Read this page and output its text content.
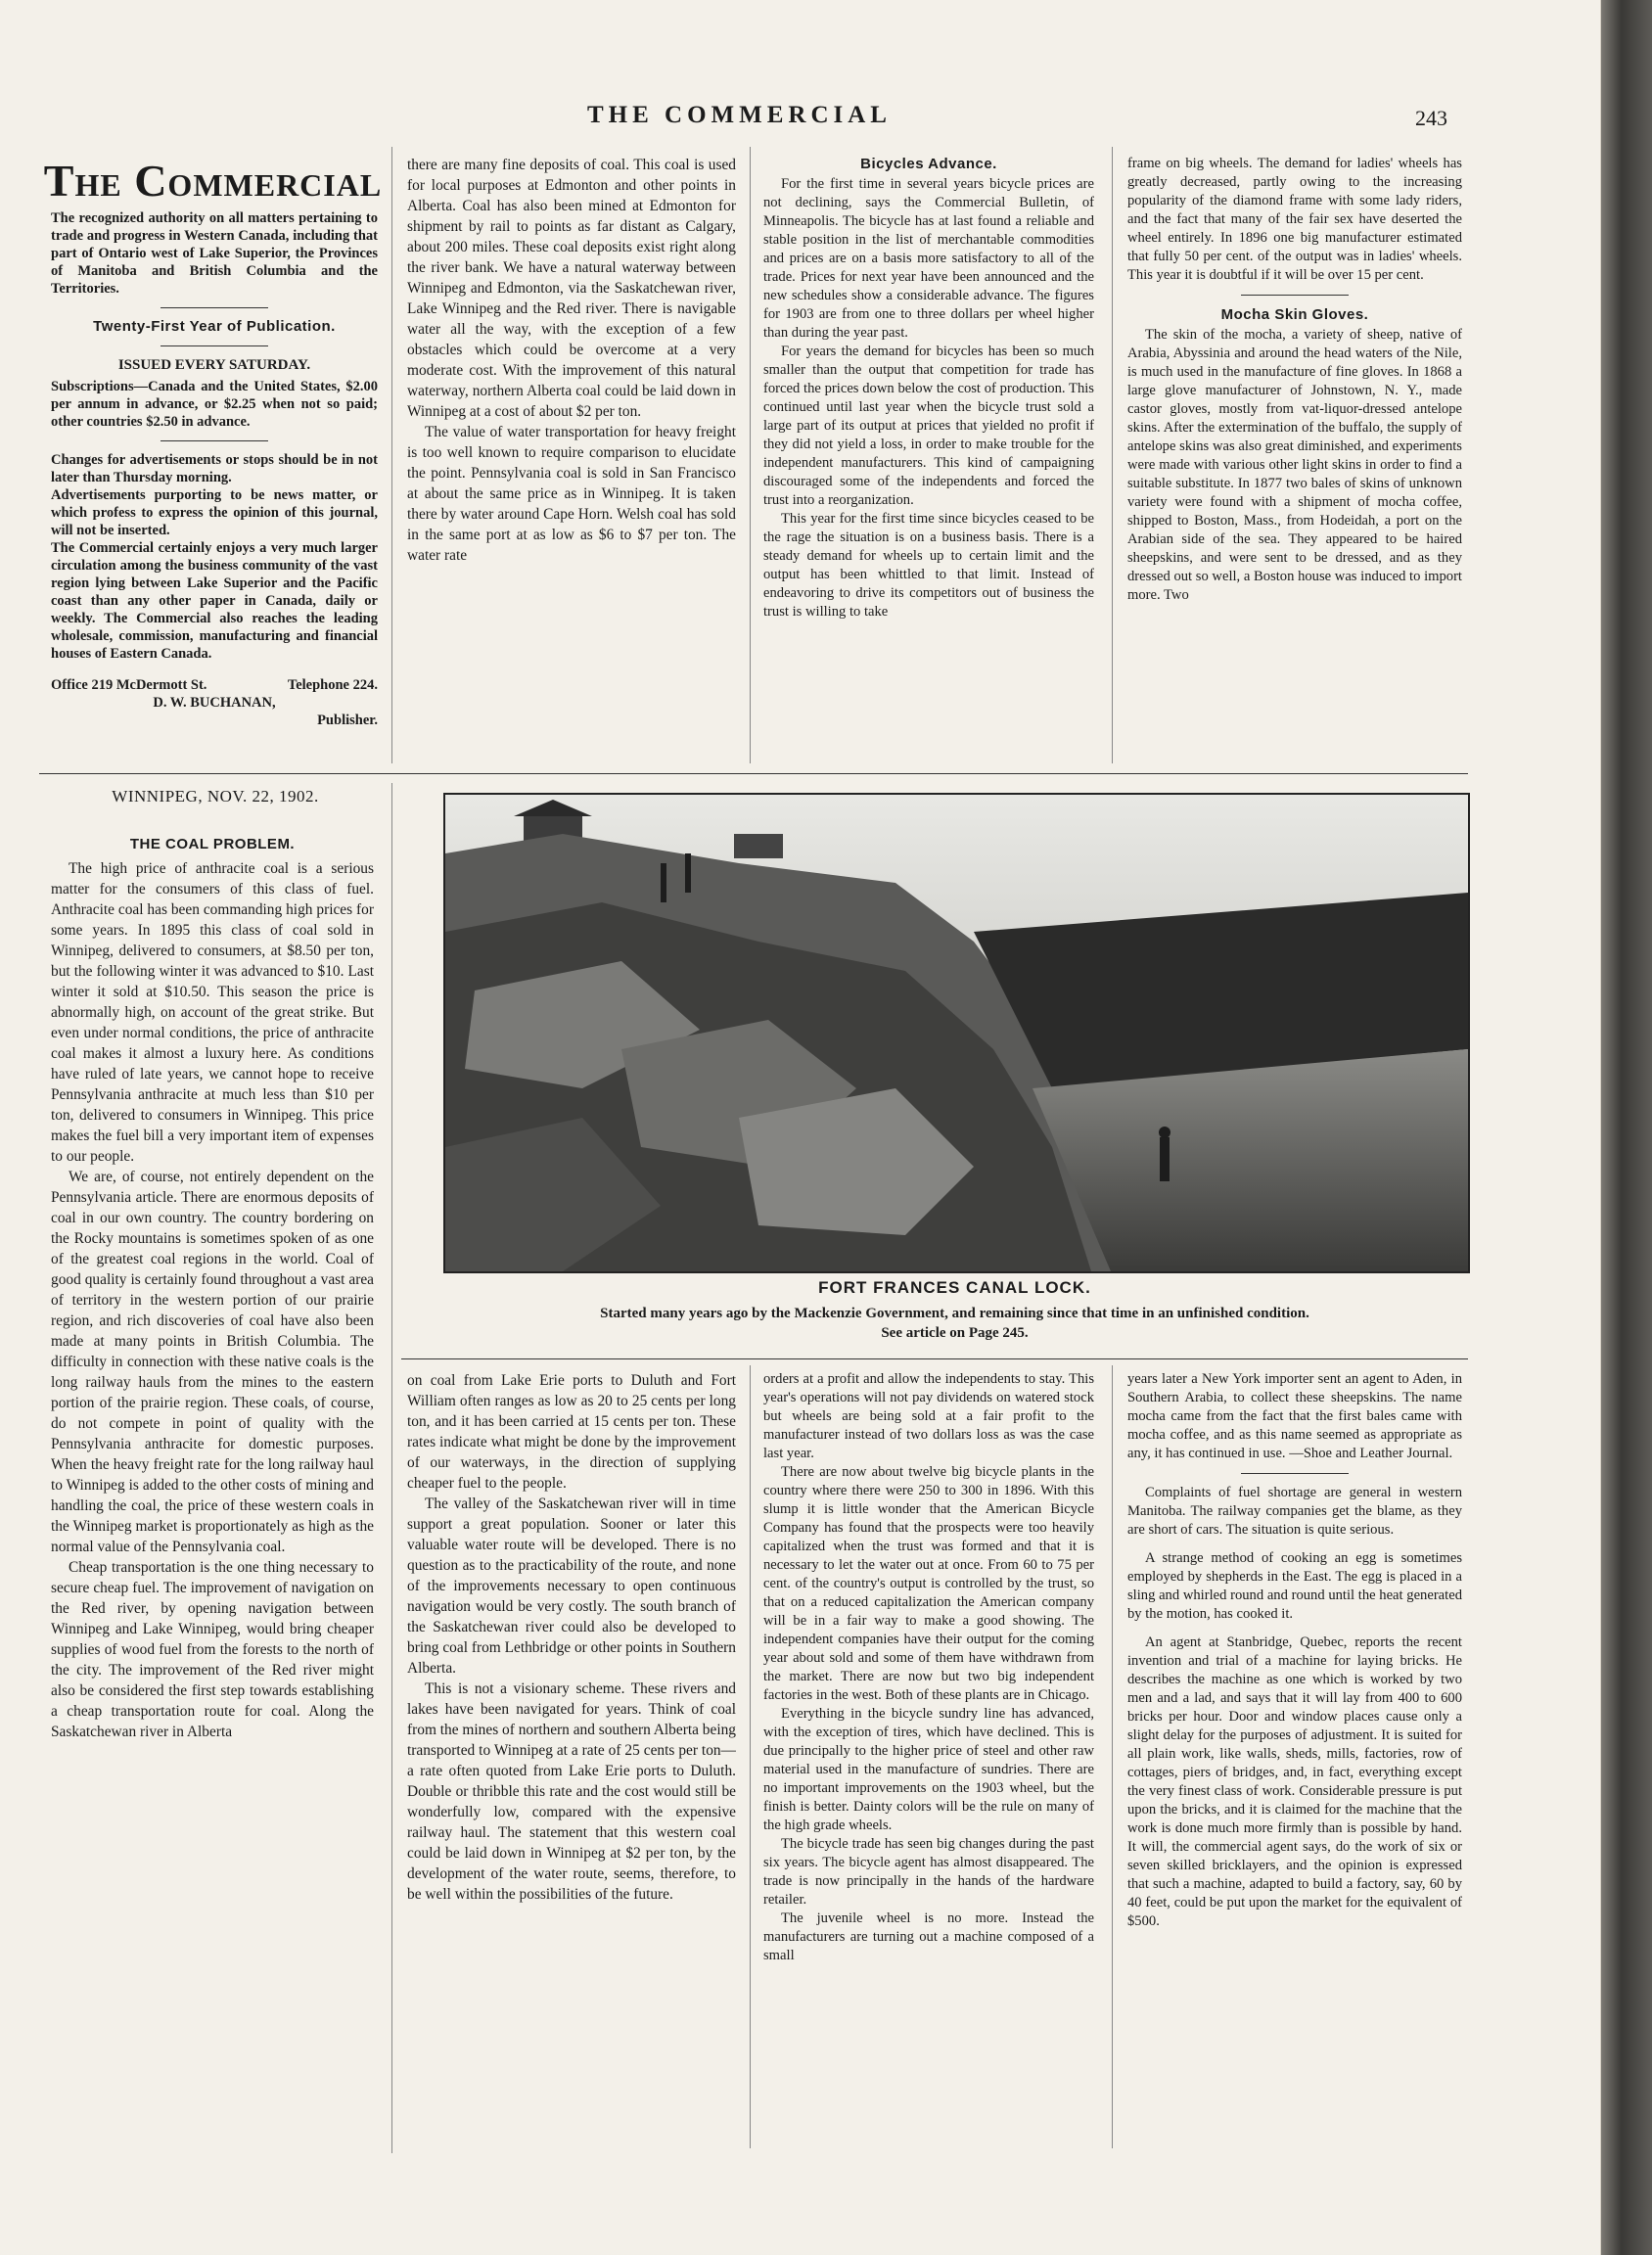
THE COMMERCIAL	243
The Commercial

The recognized authority on all matters pertaining to trade and progress in Western Canada, including that part of Ontario west of Lake Superior, the Provinces of Manitoba and British Columbia and the Territories.

Twenty-First Year of Publication.
ISSUED EVERY SATURDAY.

Subscriptions—Canada and the United States, $2.00 per annum in advance, or $2.25 when not so paid; other countries $2.50 in advance.

Changes for advertisements or stops should be in not later than Thursday morning.

Advertisements purporting to be news matter, or which profess to express the opinion of this journal, will not be inserted.

The Commercial certainly enjoys a very much larger circulation among the business community of the vast region lying between Lake Superior and the Pacific coast than any other paper in Canada, daily or weekly. The Commercial also reaches the leading wholesale, commission, manufacturing and financial houses of Eastern Canada.

Office 219 McDermott St.	Telephone 224.
D. W. BUCHANAN,
Publisher.
WINNIPEG, NOV. 22, 1902.
THE COAL PROBLEM.

The high price of anthracite coal is a serious matter for the consumers of this class of fuel. Anthracite coal has been commanding high prices for some years. In 1895 this class of coal sold in Winnipeg, delivered to consumers, at $8.50 per ton, but the following winter it was advanced to $10. Last winter it sold at $10.50. This season the price is abnormally high, on account of the great strike. But even under normal conditions, the price of anthracite coal makes it almost a luxury here. As conditions have ruled of late years, we cannot hope to receive Pennsylvania anthracite at much less than $10 per ton, delivered to consumers in Winnipeg. This price makes the fuel bill a very important item of expenses to our people.

We are, of course, not entirely dependent on the Pennsylvania article. There are enormous deposits of coal in our own country. The country bordering on the Rocky mountains is sometimes spoken of as one of the greatest coal regions in the world. Coal of good quality is certainly found throughout a vast area of territory in the western portion of our prairie region, and rich discoveries of coal have also been made at many points in British Columbia. The difficulty in connection with these native coals is the long railway hauls from the mines to the eastern portion of the prairie region. These coals, of course, do not compete in point of quality with the Pennsylvania anthracite for domestic purposes. When the heavy freight rate for the long railway haul to Winnipeg is added to the other costs of mining and handling the coal, the price of these western coals in the Winnipeg market is proportionately as high as the normal value of the Pennsylvania coal.

Cheap transportation is the one thing necessary to secure cheap fuel. The improvement of navigation on the Red river, by opening navigation between Winnipeg and Lake Winnipeg, would bring cheaper supplies of wood fuel from the forests to the north of the city. The improvement of the Red river might also be considered the first step towards establishing a cheap transportation route for coal. Along the Saskatchewan river in Alberta

there are many fine deposits of coal. This coal is used for local purposes at Edmonton and other points in Alberta. Coal has also been mined at Edmonton for shipment by rail to points as far distant as Calgary, about 200 miles. These coal deposits exist right along the river bank. We have a natural waterway between Winnipeg and Edmonton, via the Saskatchewan river, Lake Winnipeg and the Red river. There is navigable water all the way, with the exception of a few obstacles which could be overcome at a very moderate cost. With the improvement of this natural waterway, northern Alberta coal could be laid down in Winnipeg at a cost of about $2 per ton.

The value of water transportation for heavy freight is too well known to require comparison to elucidate the point. Pennsylvania coal is sold in San Francisco at about the same price as in Winnipeg. It is taken there by water around Cape Horn. Welsh coal has sold in the same port at as low as $6 to $7 per ton. The water rate

Bicycles Advance.

For the first time in several years bicycle prices are not declining, says the Commercial Bulletin, of Minneapolis. The bicycle has at last found a reliable and stable position in the list of merchantable commodities and prices are on a basis more satisfactory to all of the trade. Prices for next year have been announced and the new schedules show a considerable advance. The figures for 1903 are from one to three dollars per wheel higher than during the year past.

For years the demand for bicycles has been so much smaller than the output that competition for trade has forced the prices down below the cost of production. This continued until last year when the bicycle trust sold a large part of its output at prices that yielded no profit if they did not yield a loss, in order to make trouble for the independent manufacturers. This kind of campaigning discouraged some of the independents and forced the trust into a reorganization.

This year for the first time since bicycles ceased to be the rage the situation is on a business basis. There is a steady demand for wheels up to certain limit and the output has been whittled to that limit. Instead of endeavoring to drive its competitors out of business the trust is willing to take

frame on big wheels. The demand for ladies' wheels has greatly decreased, partly owing to the increasing popularity of the diamond frame with some lady riders, and the fact that many of the fair sex have deserted the wheel entirely. In 1896 one big manufacturer estimated that fully 50 per cent. of the output was in ladies' wheels. This year it is doubtful if it will be over 15 per cent.

Mocha Skin Gloves.

The skin of the mocha, a variety of sheep, native of Arabia, Abyssinia and around the head waters of the Nile, is much used in the manufacture of fine gloves. In 1868 a large glove manufacturer of Johnstown, N. Y., made castor gloves, mostly from vat-liquor-dressed antelope skins. After the extermination of the buffalo, the supply of antelope skins was also great diminished, and experiments were made with various other light skins in order to find a suitable substitute. In 1877 two bales of skins of unknown variety were found with a shipment of mocha coffee, shipped to Boston, Mass., from Hodeidah, a port on the Arabian side of the sea. They appeared to be haired sheepskins, and were sent to be dressed, and as they dressed out so well, a Boston house was induced to import more. Two

FORT FRANCES CANAL LOCK.
Started many years ago by the Mackenzie Government, and remaining since that time in an unfinished condition.
See article on Page 245.

on coal from Lake Erie ports to Duluth and Fort William often ranges as low as 20 to 25 cents per long ton, and it has been carried at 15 cents per ton. These rates indicate what might be done by the improvement of our waterways, in the direction of supplying cheaper fuel to the people.

The valley of the Saskatchewan river will in time support a great population. Sooner or later this valuable water route will be developed. There is no question as to the practicability of the route, and none of the improvements necessary to open continuous navigation would be very costly. The south branch of the Saskatchewan river could also be developed to bring coal from Lethbridge or other points in Southern Alberta.

This is not a visionary scheme. These rivers and lakes have been navigated for years. Think of coal from the mines of northern and southern Alberta being transported to Winnipeg at a rate of 25 cents per ton—a rate often quoted from Lake Erie ports to Duluth. Double or thribble this rate and the cost would still be wonderfully low, compared with the expensive railway haul. The statement that this western coal could be laid down in Winnipeg at $2 per ton, by the development of the water route, seems, therefore, to be well within the possibilities of the future.

orders at a profit and allow the independents to stay. This year's operations will not pay dividends on watered stock but wheels are being sold at a fair profit to the manufacturer instead of two dollars loss as was the case last year.

There are now about twelve big bicycle plants in the country where there were 250 to 300 in 1896. With this slump it is little wonder that the American Bicycle Company has found that the prospects were too heavily capitalized when the trust was formed and that it is necessary to let the water out at once. From 60 to 75 per cent. of the country's output is controlled by the trust, so that on a reduced capitalization the American company will be in a fair way to make a good showing. The independent companies have their output for the coming year about sold and some of them have withdrawn from the market. There are now but two big independent factories in the west. Both of these plants are in Chicago.

Everything in the bicycle sundry line has advanced, with the exception of tires, which have declined. This is due principally to the higher price of steel and other raw material used in the manufacture of sundries. There are no important improvements on the 1903 wheel, but the finish is better. Dainty colors will be the rule on many of the high grade wheels.

The bicycle trade has seen big changes during the past six years. The bicycle agent has almost disappeared. The trade is now principally in the hands of the hardware retailer.

The juvenile wheel is no more. Instead the manufacturers are turning out a machine composed of a small

years later a New York importer sent an agent to Aden, in Southern Arabia, to collect these sheepskins. The name mocha came from the fact that the first bales came with mocha coffee, and as this name seemed as appropriate as any, it has continued in use. —Shoe and Leather Journal.

Complaints of fuel shortage are general in western Manitoba. The railway companies get the blame, as they are short of cars. The situation is quite serious.

A strange method of cooking an egg is sometimes employed by shepherds in the East. The egg is placed in a sling and whirled round and round until the heat generated by the motion, has cooked it.

An agent at Stanbridge, Quebec, reports the recent invention and trial of a machine for laying bricks. He describes the machine as one which is worked by two men and a lad, and says that it will lay from 400 to 600 bricks per hour. Door and window places cause only a slight delay for the purposes of adjustment. It is suited for all plain work, like walls, sheds, mills, factories, row of cottages, piers of bridges, and, in fact, everything except the very finest class of work. Considerable pressure is put upon the bricks, and it is claimed for the machine that the work is done much more firmly than is possible by hand. It will, the commercial agent says, do the work of six or seven skilled bricklayers, and the opinion is expressed that such a machine, adapted to build a factory, say, 60 by 40 feet, could be put upon the market for the equivalent of $500.
